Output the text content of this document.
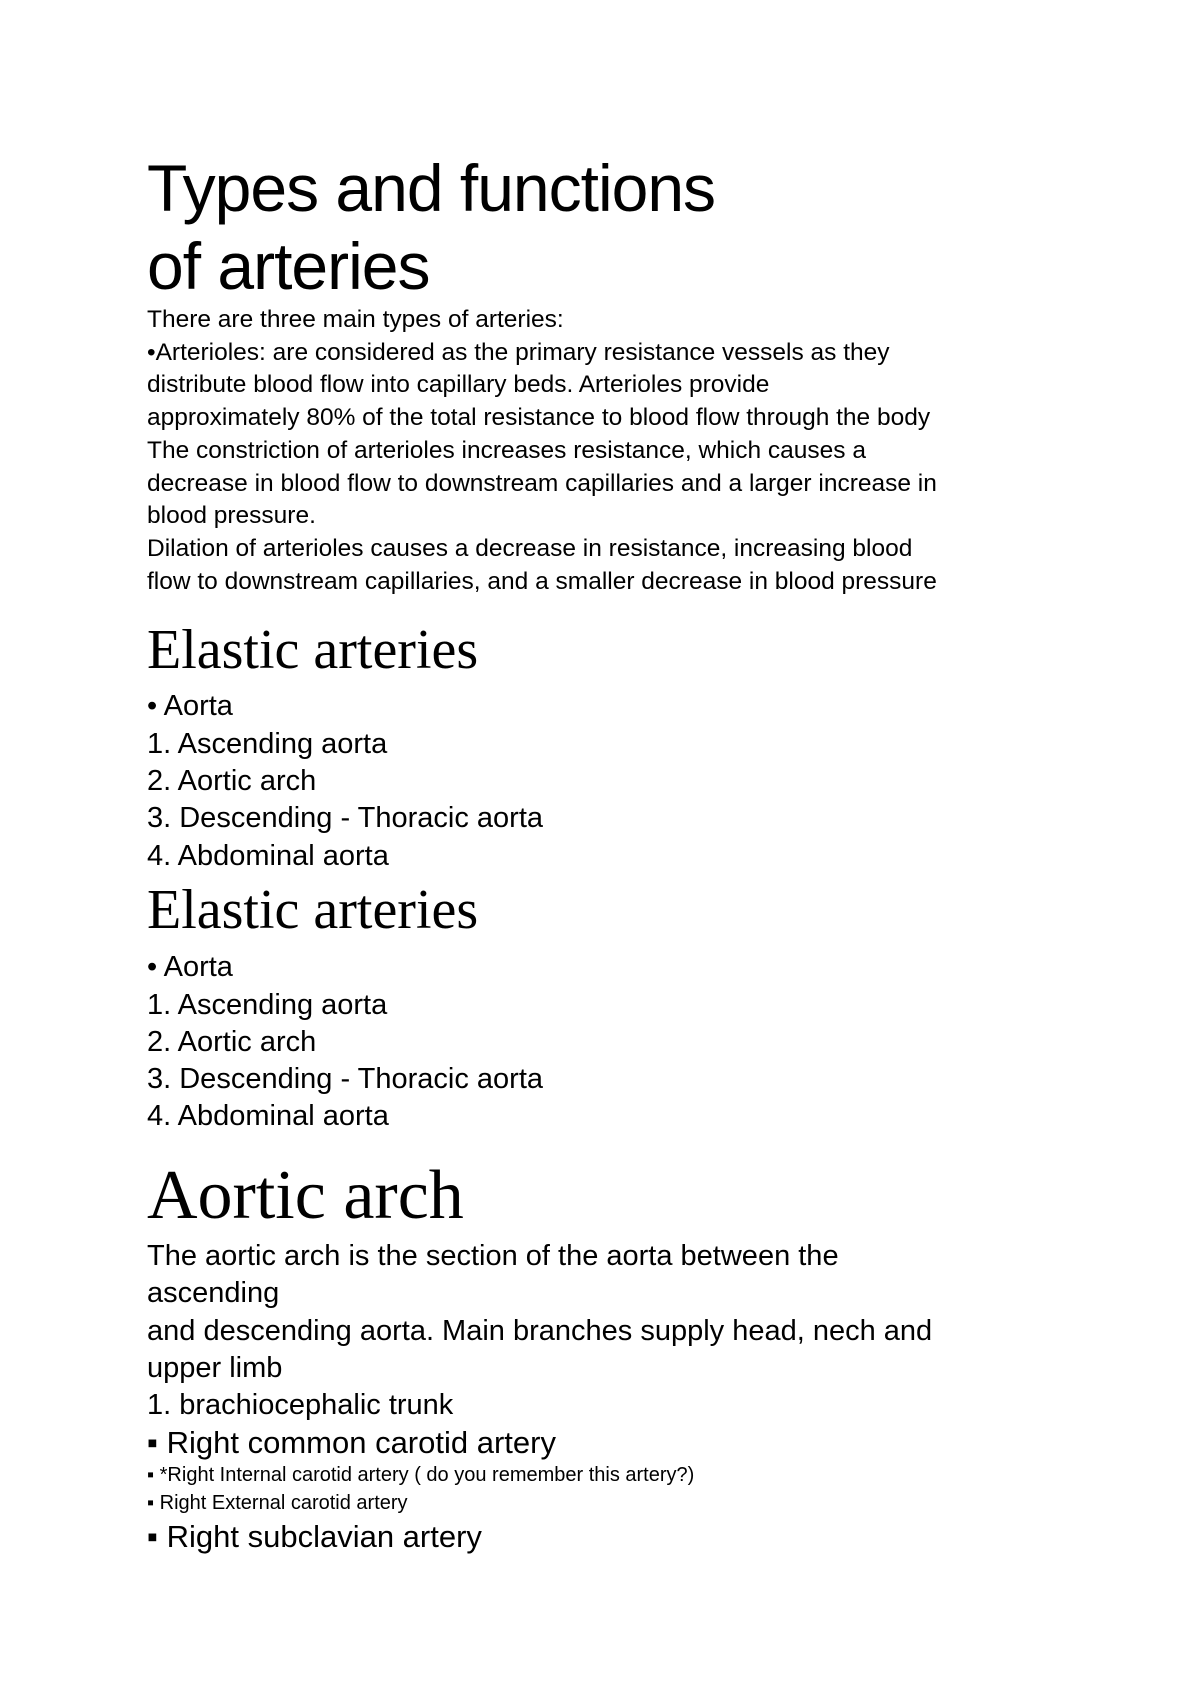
Types and functions
of arteries
There are three main types of arteries:
•Arterioles: are considered as the primary resistance vessels as they
distribute blood flow into capillary beds. Arterioles provide
approximately 80% of the total resistance to blood flow through the body
The constriction of arterioles increases resistance, which causes a
decrease in blood flow to downstream capillaries and a larger increase in
blood pressure.
Dilation of arterioles causes a decrease in resistance, increasing blood
flow to downstream capillaries, and a smaller decrease in blood pressure
Elastic arteries
• Aorta
1. Ascending aorta
2. Aortic arch
3. Descending - Thoracic aorta
4. Abdominal aorta
Elastic arteries
• Aorta
1. Ascending aorta
2. Aortic arch
3. Descending - Thoracic aorta
4. Abdominal aorta
Aortic arch
The aortic arch is the section of the aorta between the
ascending
and descending aorta. Main branches supply head, nech and
upper limb
1. brachiocephalic trunk
▪ Right common carotid artery
▪ *Right Internal carotid artery ( do you remember this artery?)
▪ Right External carotid artery
▪ Right subclavian artery
